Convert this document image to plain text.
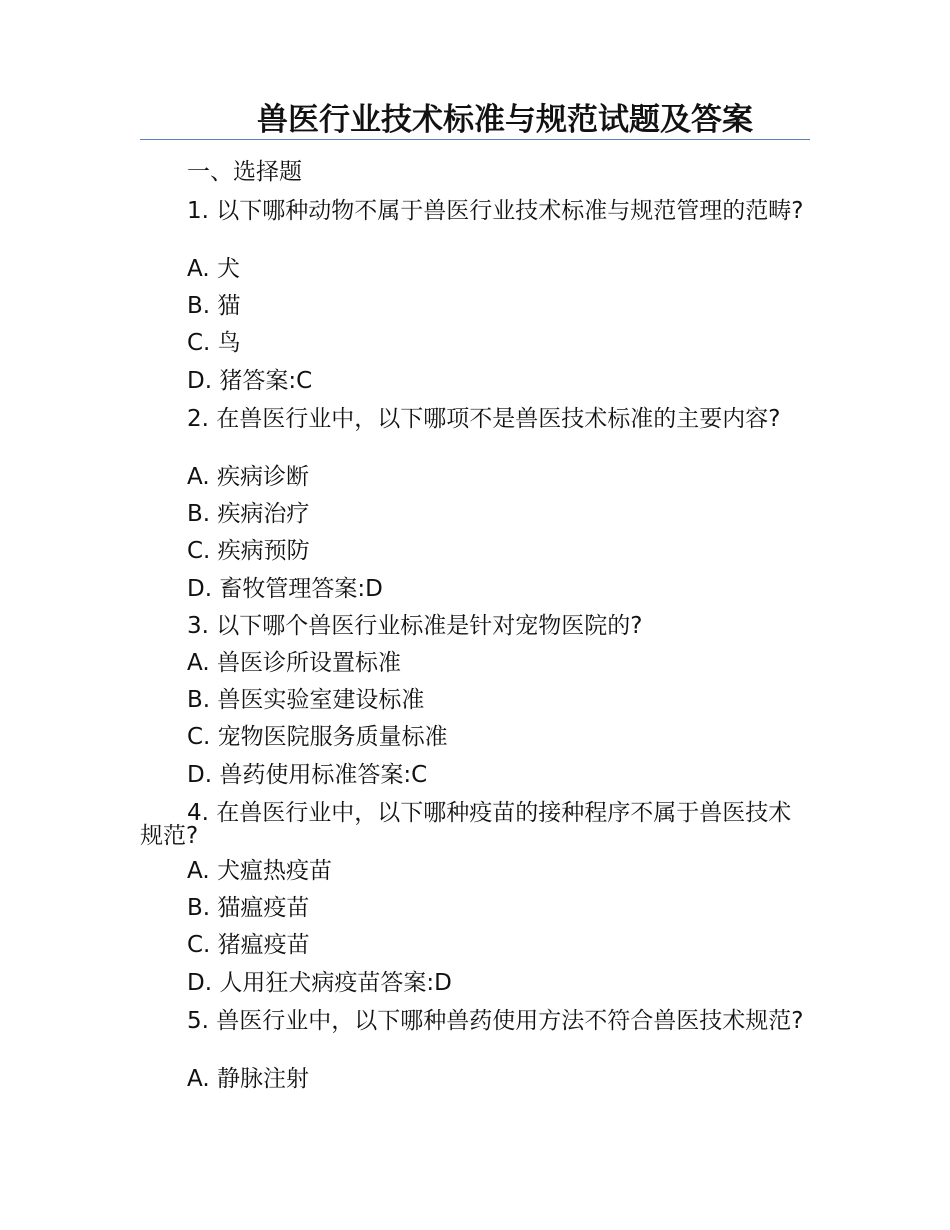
兽医行业技术标准与规范试题及答案
一、选择题
1. 以下哪种动物不属于兽医行业技术标准与规范管理的范畴?
A. 犬
B. 猫
C. 鸟
D. 猪答案:C
2. 在兽医行业中，以下哪项不是兽医技术标准的主要内容?
A. 疾病诊断
B. 疾病治疗
C. 疾病预防
D. 畜牧管理答案:D
3. 以下哪个兽医行业标准是针对宠物医院的?
A. 兽医诊所设置标准
B. 兽医实验室建设标准
C. 宠物医院服务质量标准
D. 兽药使用标准答案:C
4. 在兽医行业中，以下哪种疫苗的接种程序不属于兽医技术规范?
A. 犬瘟热疫苗
B. 猫瘟疫苗
C. 猪瘟疫苗
D. 人用狂犬病疫苗答案:D
5. 兽医行业中，以下哪种兽药使用方法不符合兽医技术规范?
A. 静脉注射
